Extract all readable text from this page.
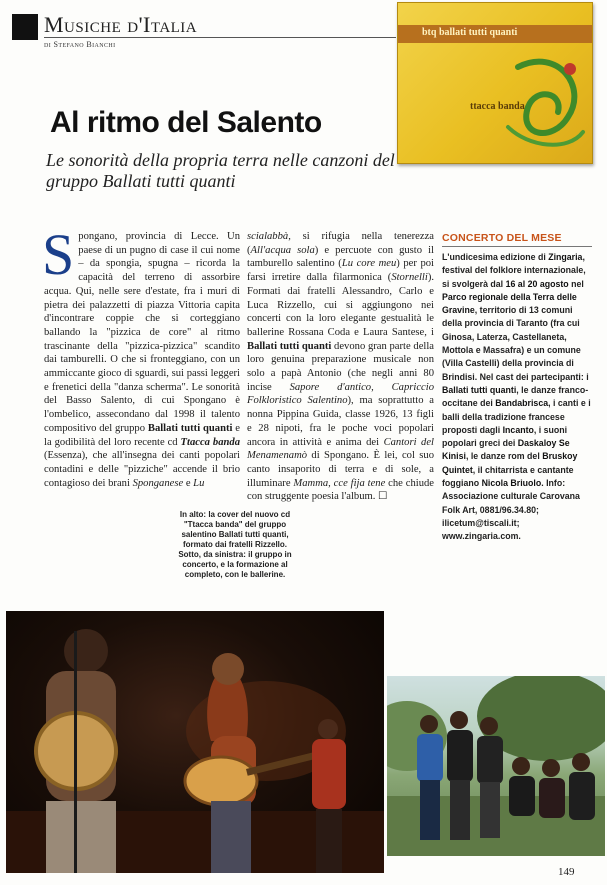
Musiche d'Italia
di Stefano Bianchi
btq ballati tutti quanti
ttacca banda
Al ritmo del Salento
Le sonorità della propria terra nelle canzoni del gruppo Ballati tutti quanti

Spongano, provincia di Lecce. Un paese di un pugno di case il cui nome – da spongia, spugna – ricorda la capacità del terreno di assorbire acqua. Qui, nelle sere d'estate, fra i muri di pietra dei palazzetti di piazza Vittoria capita d'incontrare coppie che si corteggiano ballando la "pizzica de core" al ritmo trascinante della "pizzica-pizzica" scandito dai tamburelli. O che si fronteggiano, con un ammiccante gioco di sguardi, sui passi leggeri e frenetici della "danza scherma". Le sonorità del Basso Salento, di cui Spongano è l'ombelico, assecondano dal 1998 il talento compositivo del gruppo Ballati tutti quanti e la godibilità del loro recente cd Ttacca banda (Essenza), che all'insegna dei canti popolari contadini e delle "pizziche" accende il brio contagioso dei brani Sponganese e Lu

scialabbà, si rifugia nella tenerezza (All'acqua sola) e percuote con gusto il tamburello salentino (Lu core meu) per poi farsi irretire dalla filarmonica (Stornelli). Formati dai fratelli Alessandro, Carlo e Luca Rizzello, cui si aggiungono nei concerti con la loro elegante gestualità le ballerine Rossana Coda e Laura Santese, i Ballati tutti quanti devono gran parte della loro genuina preparazione musicale non solo a papà Antonio (che negli anni 80 incise Sapore d'antico, Capriccio Folkloristico Salentino), ma soprattutto a nonna Pippina Guida, classe 1926, 13 figli e 28 nipoti, fra le poche voci popolari ancora in attività e anima dei Cantori del Menamenamò di Spongano. È lei, col suo canto insaporito di terra e di sole, a illuminare Mamma, cce fija tene che chiude con struggente poesia l'album. ☐

In alto: la cover del nuovo cd "Ttacca banda" del gruppo salentino Ballati tutti quanti, formato dai fratelli Rizzello. Sotto, da sinistra: il gruppo in concerto, e la formazione al completo, con le ballerine.
CONCERTO DEL MESE
L'undicesima edizione di Zingaria, festival del folklore internazionale, si svolgerà dal 16 al 20 agosto nel Parco regionale della Terra delle Gravine, territorio di 13 comuni della provincia di Taranto (fra cui Ginosa, Laterza, Castellaneta, Mottola e Massafra) e un comune (Villa Castelli) della provincia di Brindisi. Nel cast dei partecipanti: i Ballati tutti quanti, le danze franco-occitane dei Bandabrisca, i canti e i balli della tradizione francese proposti dagli Incanto, i suoni popolari greci dei Daskaloy Se Kinisi, le danze rom del Bruskoy Quintet, il chitarrista e cantante foggiano Nicola Briuolo. Info: Associazione culturale Carovana Folk Art, 0881/96.34.80; ilicetum@tiscali.it; www.zingaria.com.
149
